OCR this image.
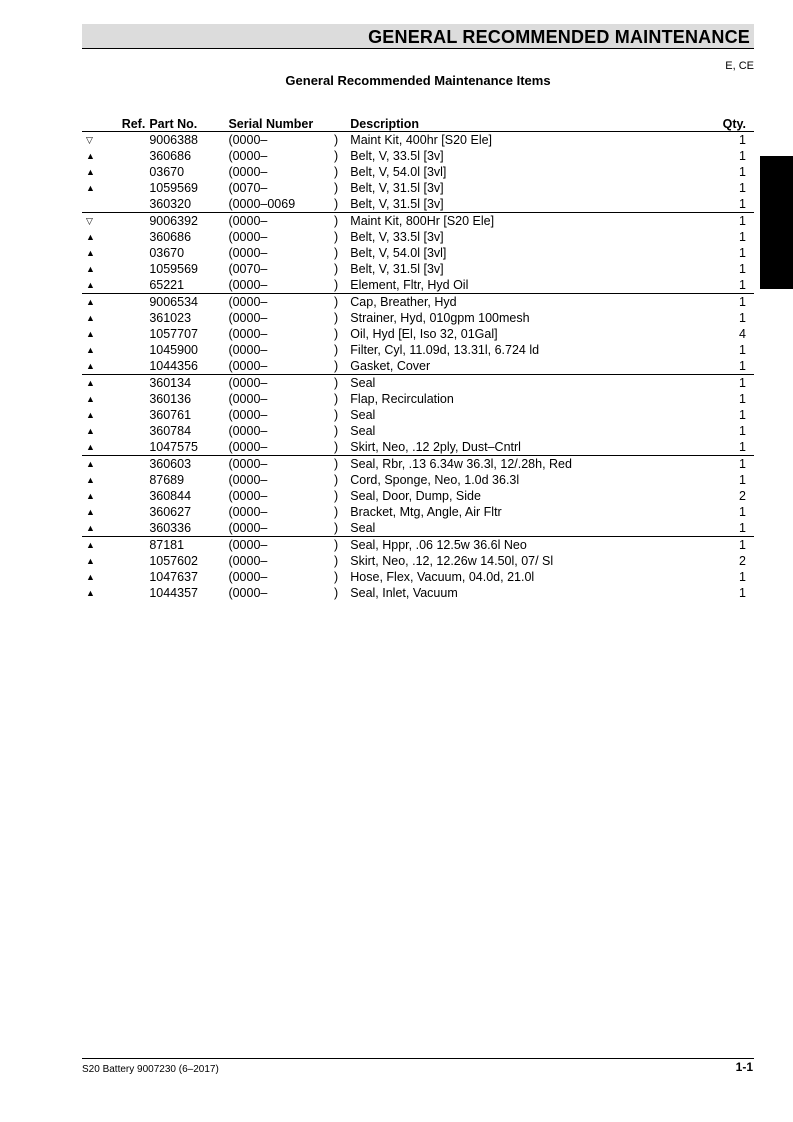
GENERAL RECOMMENDED MAINTENANCE
E, CE
General Recommended Maintenance Items
	Ref.	Part No.	Serial Number		Description	Qty.
▽		9006388	(0000–	)	Maint Kit, 400hr [S20 Ele]	1
▲		360686	(0000–	)	Belt, V, 33.5l [3v]	1
▲		03670	(0000–	)	Belt, V, 54.0l [3vl]	1
▲		1059569	(0070–	)	Belt, V, 31.5l [3v]	1
		360320	(0000–0069	)	Belt, V, 31.5l [3v]	1
▽		9006392	(0000–	)	Maint Kit, 800Hr [S20 Ele]	1
▲		360686	(0000–	)	Belt, V, 33.5l [3v]	1
▲		03670	(0000–	)	Belt, V, 54.0l [3vl]	1
▲		1059569	(0070–	)	Belt, V, 31.5l [3v]	1
▲		65221	(0000–	)	Element, Fltr, Hyd Oil	1
▲		9006534	(0000–	)	Cap, Breather, Hyd	1
▲		361023	(0000–	)	Strainer, Hyd, 010gpm 100mesh	1
▲		1057707	(0000–	)	Oil, Hyd [El, Iso 32, 01Gal]	4
▲		1045900	(0000–	)	Filter, Cyl, 11.09d, 13.31l, 6.724 ld	1
▲		1044356	(0000–	)	Gasket, Cover	1
▲		360134	(0000–	)	Seal	1
▲		360136	(0000–	)	Flap, Recirculation	1
▲		360761	(0000–	)	Seal	1
▲		360784	(0000–	)	Seal	1
▲		1047575	(0000–	)	Skirt, Neo, .12 2ply, Dust–Cntrl	1
▲		360603	(0000–	)	Seal, Rbr, .13 6.34w 36.3l, 12/.28h, Red	1
▲		87689	(0000–	)	Cord, Sponge, Neo, 1.0d 36.3l	1
▲		360844	(0000–	)	Seal, Door, Dump, Side	2
▲		360627	(0000–	)	Bracket, Mtg, Angle, Air Fltr	1
▲		360336	(0000–	)	Seal	1
▲		87181	(0000–	)	Seal, Hppr, .06 12.5w 36.6l Neo	1
▲		1057602	(0000–	)	Skirt, Neo, .12, 12.26w 14.50l, 07/ Sl	2
▲		1047637	(0000–	)	Hose, Flex, Vacuum, 04.0d, 21.0l	1
▲		1044357	(0000–	)	Seal, Inlet, Vacuum	1
S20 Battery 9007230 (6–2017)	1-1
